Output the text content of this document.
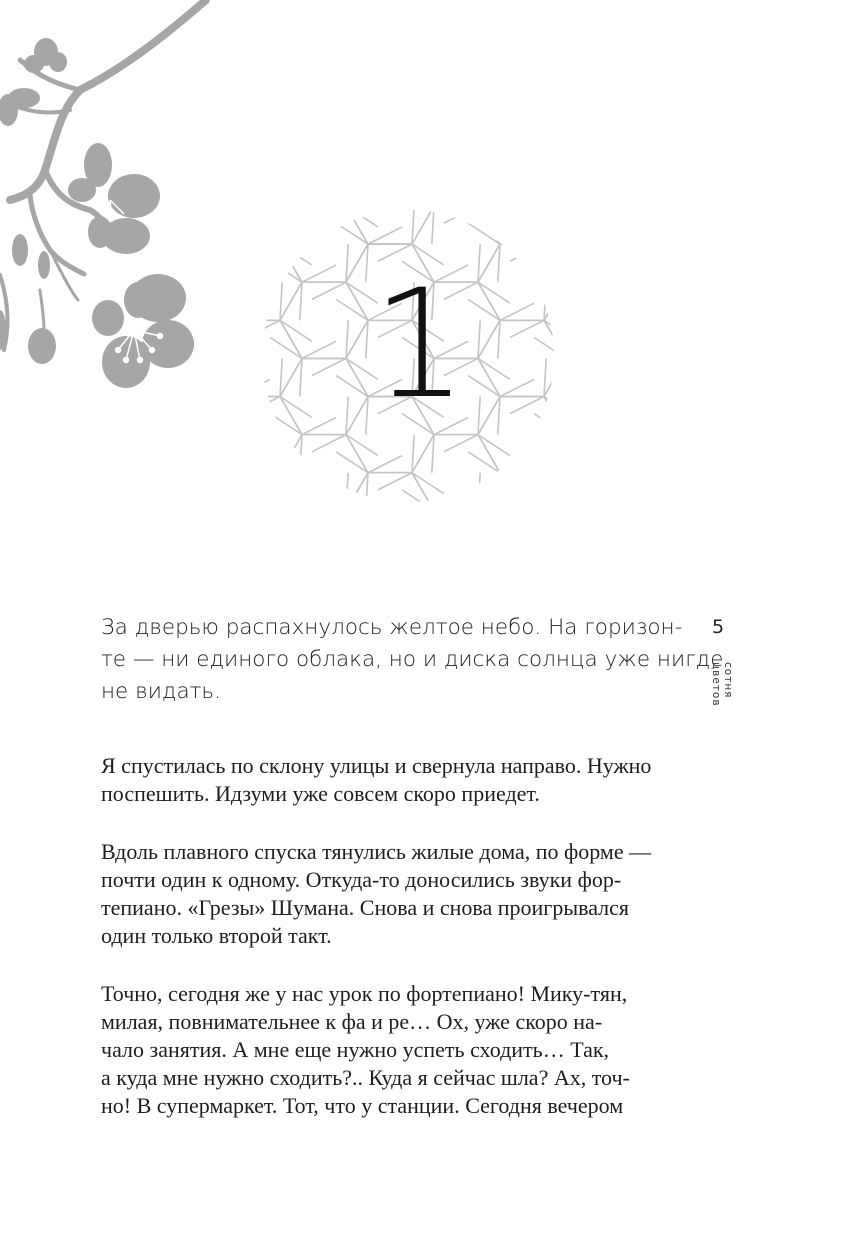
1
За дверью распахнулось желтое небо. На горизон-
те — ни единого облака, но и диска солнца уже нигде
не видать.
5
сотня цветов
Я спустилась по склону улицы и свернула направо. Нужно
поспешить. Идзуми уже совсем скоро приедет.
Вдоль плавного спуска тянулись жилые дома, по форме —
почти один к одному. Откуда-то доносились звуки фор-
тепиано. «Грезы» Шумана. Снова и снова проигрывался
один только второй такт.
Точно, сегодня же у нас урок по фортепиано! Мику-тян,
милая, повнимательнее к фа и ре… Ох, уже скоро на-
чало занятия. А мне еще нужно успеть сходить… Так,
а куда мне нужно сходить?.. Куда я сейчас шла? Ах, точ-
но! В супермаркет. Тот, что у станции. Сегодня вечером
